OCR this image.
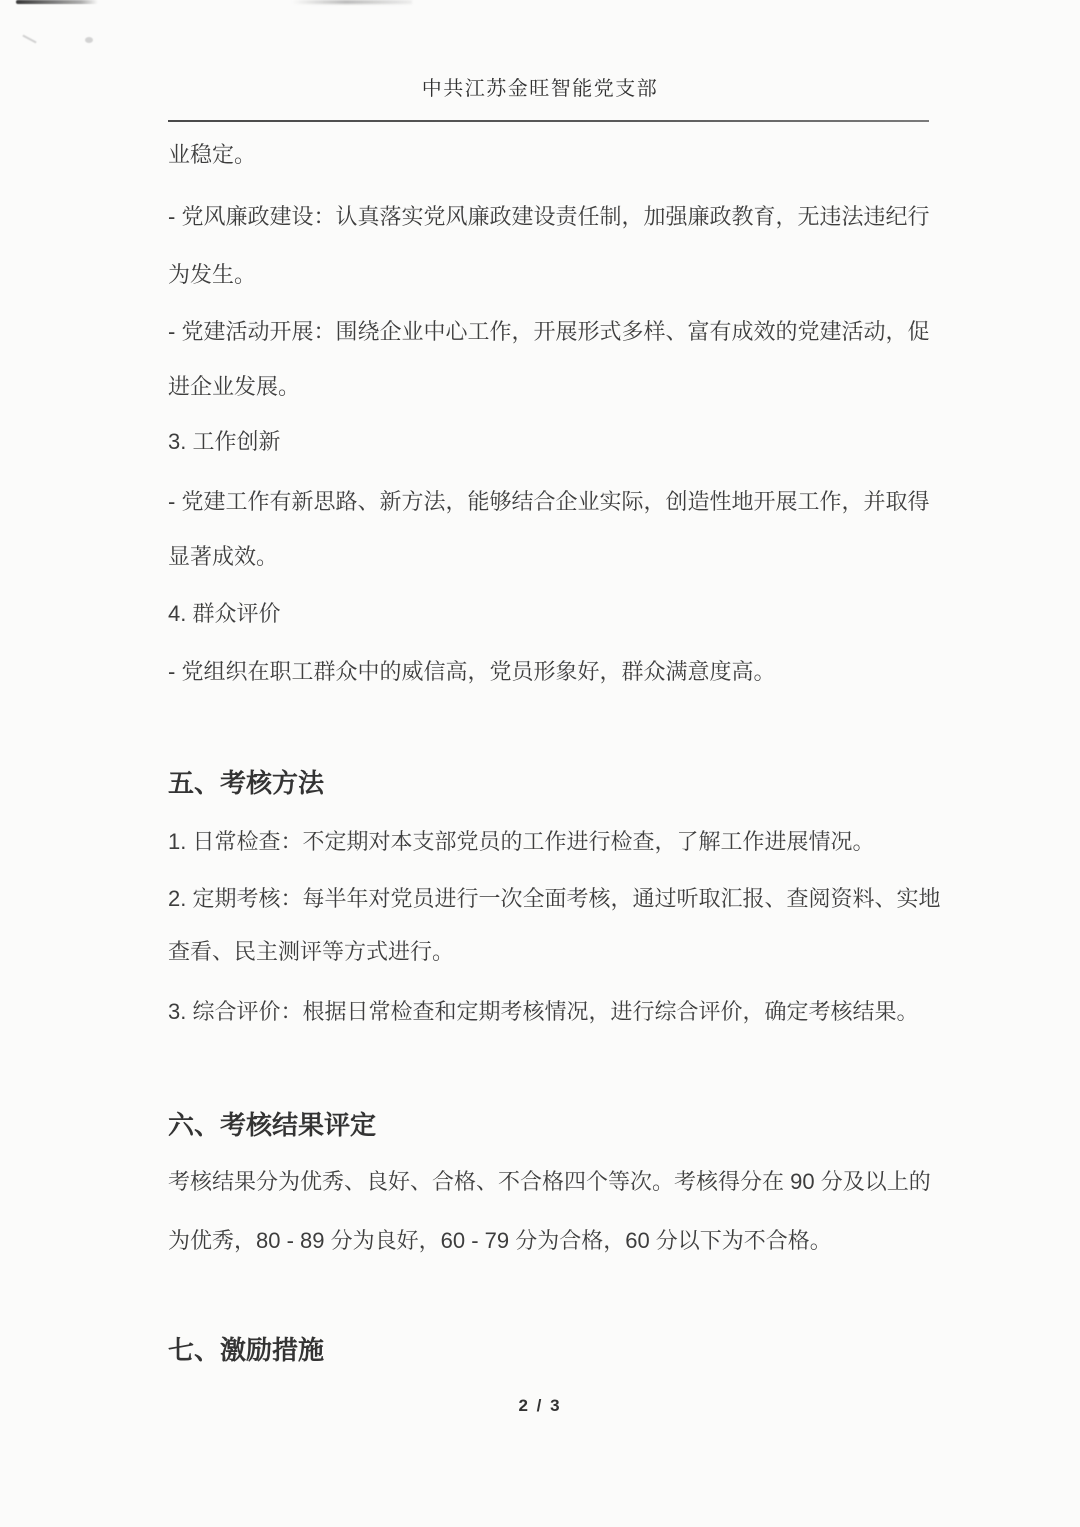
中共江苏金旺智能党支部
业稳定。
- 党风廉政建设：认真落实党风廉政建设责任制，加强廉政教育，无违法违纪行
为发生。
- 党建活动开展：围绕企业中心工作，开展形式多样、富有成效的党建活动，促
进企业发展。
3. 工作创新
- 党建工作有新思路、新方法，能够结合企业实际，创造性地开展工作，并取得
显著成效。
4. 群众评价
- 党组织在职工群众中的威信高，党员形象好，群众满意度高。
五、考核方法
1. 日常检查：不定期对本支部党员的工作进行检查，了解工作进展情况。
2. 定期考核：每半年对党员进行一次全面考核，通过听取汇报、查阅资料、实地
查看、民主测评等方式进行。
3. 综合评价：根据日常检查和定期考核情况，进行综合评价，确定考核结果。
六、考核结果评定
考核结果分为优秀、良好、合格、不合格四个等次。考核得分在 90 分及以上的
为优秀，80 - 89 分为良好，60 - 79 分为合格，60 分以下为不合格。
七、激励措施
2 / 3
